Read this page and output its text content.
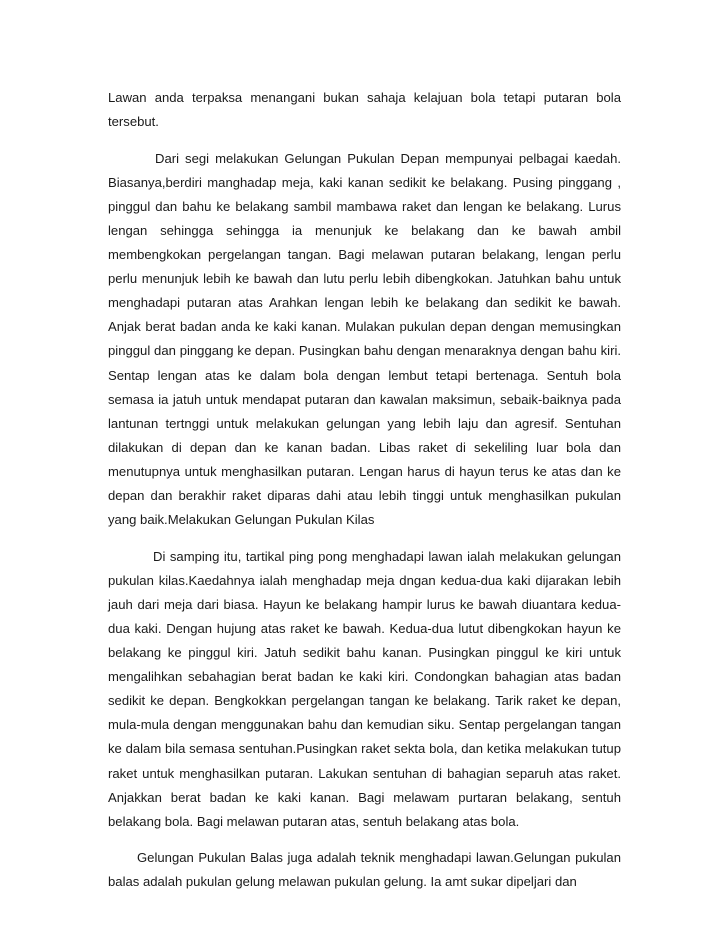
Lawan anda terpaksa menangani bukan sahaja kelajuan bola tetapi putaran bola tersebut.

Dari segi melakukan Gelungan Pukulan Depan mempunyai pelbagai kaedah. Biasanya,berdiri manghadap meja, kaki kanan sedikit ke belakang. Pusing pinggang , pinggul dan bahu ke belakang sambil mambawa raket dan lengan ke belakang. Lurus lengan sehingga sehingga ia menunjuk ke belakang dan ke bawah ambil membengkokan pergelangan tangan. Bagi melawan putaran belakang, lengan perlu perlu menunjuk lebih ke bawah dan lutu perlu lebih dibengkokan. Jatuhkan bahu untuk menghadapi putaran atas Arahkan lengan lebih ke belakang dan sedikit ke bawah. Anjak berat badan anda ke kaki kanan. Mulakan pukulan depan dengan memusingkan pinggul dan pinggang ke depan. Pusingkan bahu dengan menaraknya dengan bahu kiri. Sentap lengan atas ke dalam bola dengan lembut tetapi bertenaga. Sentuh bola semasa ia jatuh untuk mendapat putaran dan kawalan maksimun, sebaik-baiknya pada lantunan tertnggi untuk melakukan gelungan yang lebih laju dan agresif. Sentuhan dilakukan di depan dan ke kanan badan. Libas raket di sekeliling luar bola dan menutupnya untuk menghasilkan putaran. Lengan harus di hayun terus ke atas dan ke depan dan berakhir raket diparas dahi atau lebih tinggi untuk menghasilkan pukulan yang baik.Melakukan Gelungan Pukulan Kilas

Di samping itu, tartikal ping pong menghadapi lawan ialah melakukan gelungan pukulan kilas.Kaedahnya ialah menghadap meja dngan kedua-dua kaki dijarakan lebih jauh dari meja dari biasa. Hayun ke belakang hampir lurus ke bawah diuantara kedua-dua kaki. Dengan hujung atas raket ke bawah. Kedua-dua lutut dibengkokan hayun ke belakang ke pinggul kiri. Jatuh sedikit bahu kanan. Pusingkan pinggul ke kiri untuk mengalihkan sebahagian berat badan ke kaki kiri. Condongkan bahagian atas badan sedikit ke depan. Bengkokkan pergelangan tangan ke belakang. Tarik raket ke depan, mula-mula dengan menggunakan bahu dan kemudian siku. Sentap pergelangan tangan ke dalam bila semasa sentuhan.Pusingkan raket sekta bola, dan ketika melakukan tutup raket untuk menghasilkan putaran. Lakukan sentuhan di bahagian separuh atas raket. Anjakkan berat badan ke kaki kanan. Bagi melawam purtaran belakang, sentuh belakang bola. Bagi melawan putaran atas, sentuh belakang atas bola.

Gelungan Pukulan Balas juga adalah teknik menghadapi lawan.Gelungan pukulan balas adalah pukulan gelung melawan pukulan gelung. Ia amt sukar dipeljari dan
